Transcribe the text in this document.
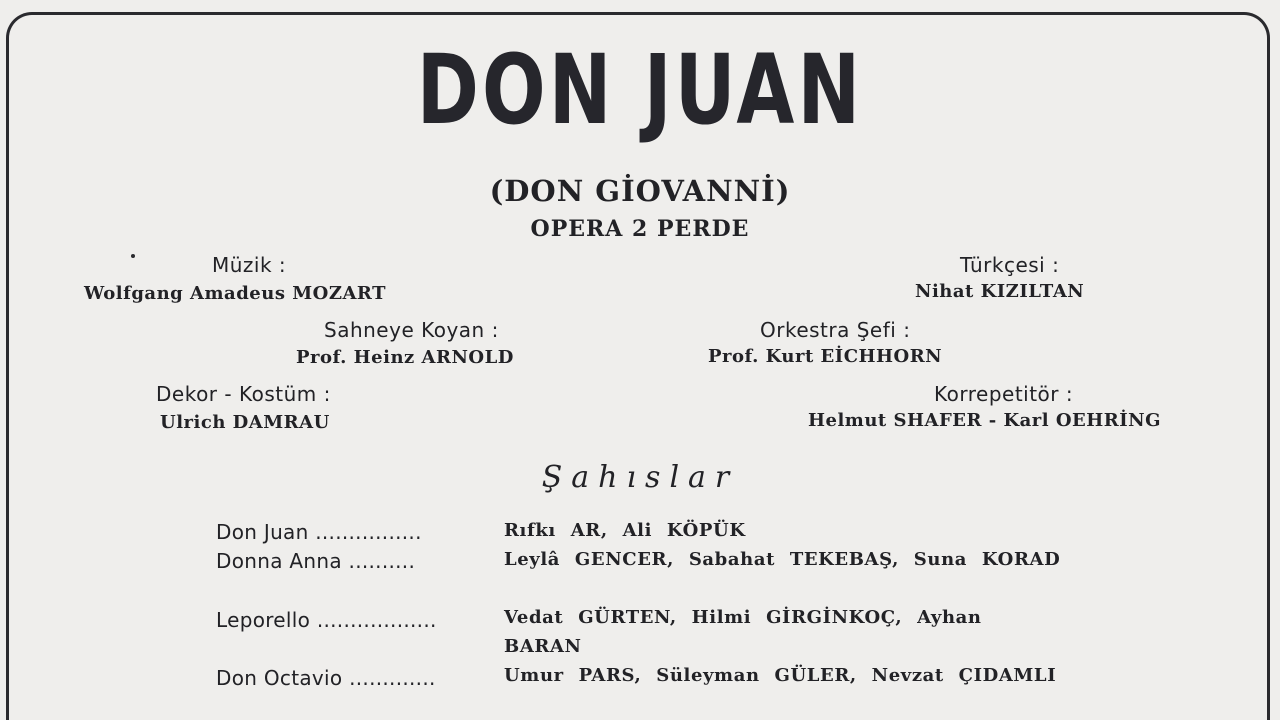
DON JUAN
(DON GİOVANNİ)
OPERA 2 PERDE
Müzik :
Wolfgang Amadeus MOZART
Sahneye Koyan :
Prof. Heinz ARNOLD
Dekor - Kostüm :
Ulrich DAMRAU
Türkçesi :
Nihat KIZILTAN
Orkestra Şefi :
Prof. Kurt EİCHHORN
Korrepetitör :
Helmut SHAFER - Karl OEHRİNG
Şahıslar
Don Juan ................	Rıfkı AR, Ali KÖPÜK
Donna Anna ..........	Leylâ GENCER, Sabahat TEKEBAŞ, Suna KORAD
Leporello ..................	Vedat GÜRTEN, Hilmi GİRGİNKOÇ, Ayhan BARAN
Don Octavio .............	Umur PARS, Süleyman GÜLER, Nevzat ÇIDAMLI
